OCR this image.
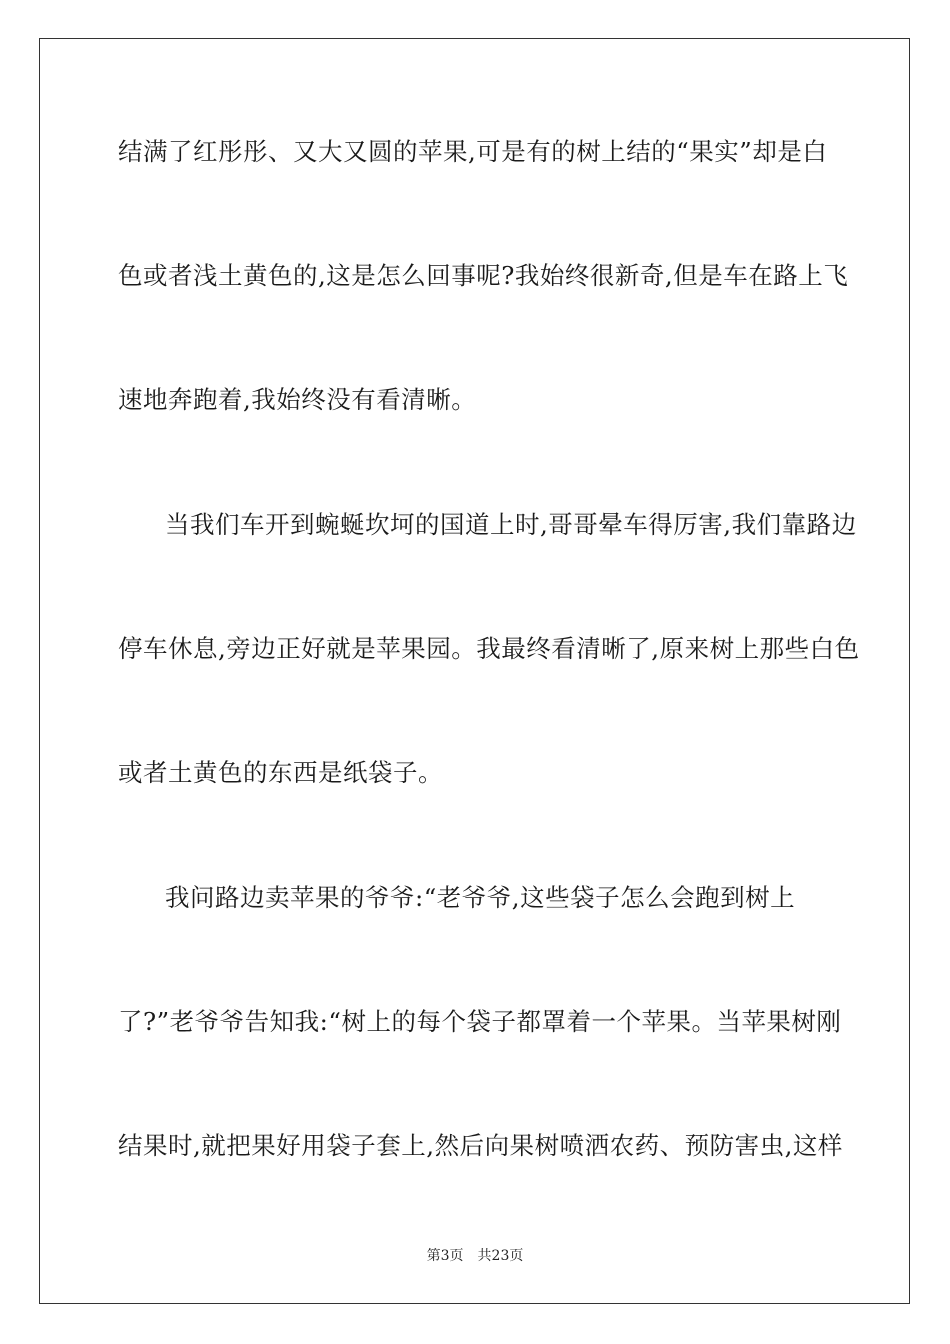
结满了红彤彤、又大又圆的苹果,可是有的树上结的“果实”却是白
色或者浅土黄色的,这是怎么回事呢?我始终很新奇,但是车在路上飞
速地奔跑着,我始终没有看清晰。
当我们车开到蜿蜒坎坷的国道上时,哥哥晕车得厉害,我们靠路边
停车休息,旁边正好就是苹果园。我最终看清晰了,原来树上那些白色
或者土黄色的东西是纸袋子。
我问路边卖苹果的爷爷:“老爷爷,这些袋子怎么会跑到树上
了?”老爷爷告知我:“树上的每个袋子都罩着一个苹果。当苹果树刚
结果时,就把果好用袋子套上,然后向果树喷洒农药、预防害虫,这样
第3页 共23页
